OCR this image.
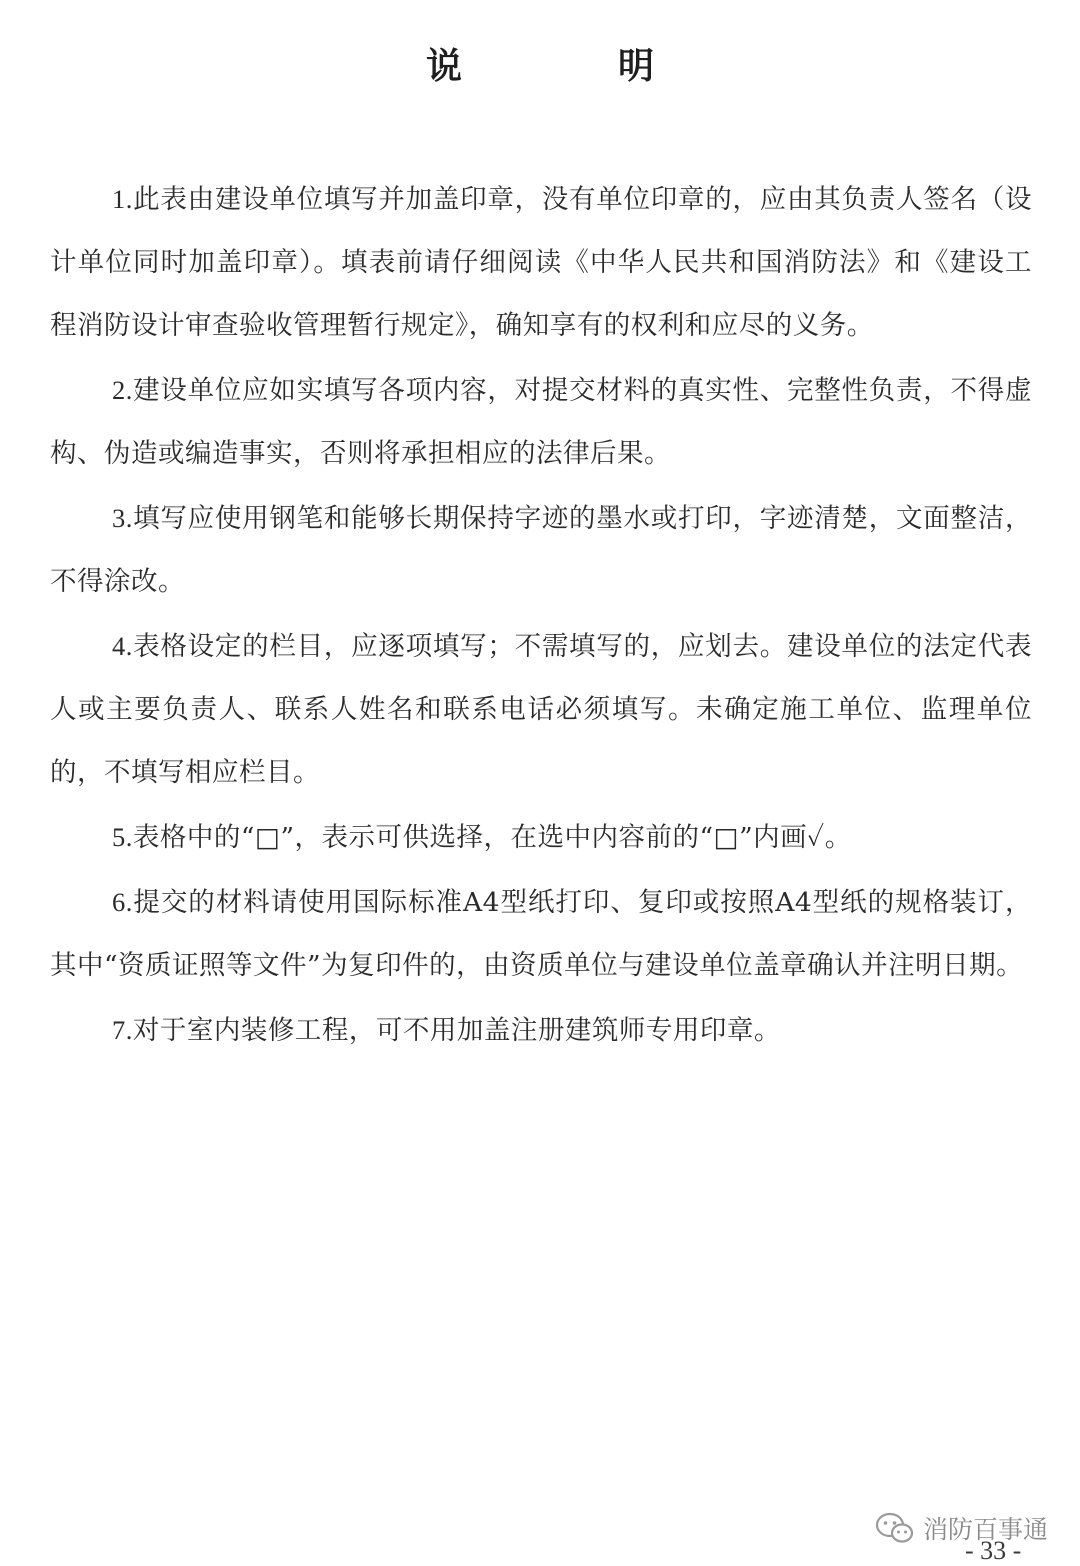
说　明

1.此表由建设单位填写并加盖印章，没有单位印章的，应由其负责人签名（设计单位同时加盖印章）。填表前请仔细阅读《中华人民共和国消防法》和《建设工程消防设计审查验收管理暂行规定》，确知享有的权利和应尽的义务。

2.建设单位应如实填写各项内容，对提交材料的真实性、完整性负责，不得虚构、伪造或编造事实，否则将承担相应的法律后果。

3.填写应使用钢笔和能够长期保持字迹的墨水或打印，字迹清楚，文面整洁，不得涂改。

4.表格设定的栏目，应逐项填写；不需填写的，应划去。建设单位的法定代表人或主要负责人、联系人姓名和联系电话必须填写。未确定施工单位、监理单位的，不填写相应栏目。

5.表格中的“□”，表示可供选择，在选中内容前的“□”内画✓。

6.提交的材料请使用国际标准A4型纸打印、复印或按照A4型纸的规格装订，其中“资质证照等文件”为复印件的，由资质单位与建设单位盖章确认并注明日期。

7.对于室内装修工程，可不用加盖注册建筑师专用印章。

- 33 -
消防百事通
